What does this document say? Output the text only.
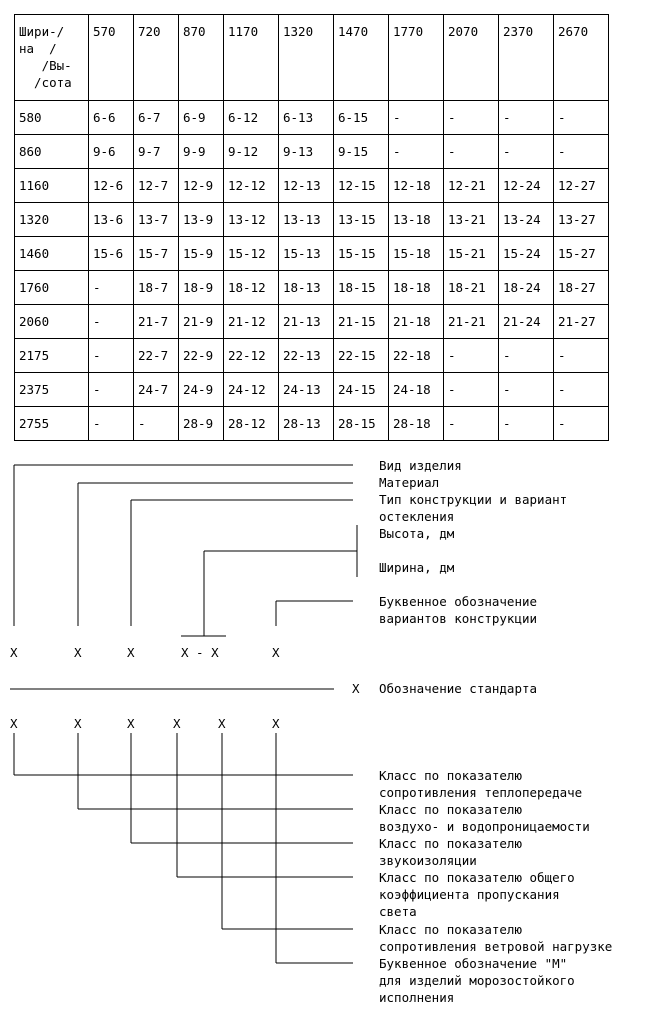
Шири-/
на  /
/Вы-
/сота	570	720	870	1170	1320	1470	1770	2070	2370	2670
580	6-6	6-7	6-9	6-12	6-13	6-15	-	-	-	-
860	9-6	9-7	9-9	9-12	9-13	9-15	-	-	-	-
1160	12-6	12-7	12-9	12-12	12-13	12-15	12-18	12-21	12-24	12-27
1320	13-6	13-7	13-9	13-12	13-13	13-15	13-18	13-21	13-24	13-27
1460	15-6	15-7	15-9	15-12	15-13	15-15	15-18	15-21	15-24	15-27
1760	-	18-7	18-9	18-12	18-13	18-15	18-18	18-21	18-24	18-27
2060	-	21-7	21-9	21-12	21-13	21-15	21-18	21-21	21-24	21-27
2175	-	22-7	22-9	22-12	22-13	22-15	22-18	-	-	-
2375	-	24-7	24-9	24-12	24-13	24-15	24-18	-	-	-
2755	-	-	28-9	28-12	28-13	28-15	28-18	-	-	-
Вид изделия
Материал
Тип конструкции и вариант
остекления
Высота, дм
Ширина, дм
Буквенное обозначение
вариантов конструкции
X	X	X	X - X	X
X Обозначение стандарта
X	X	X	X	X	X
Класс по показателю
сопротивления теплопередаче
Класс по показателю
воздухо- и водопроницаемости
Класс по показателю
звукоизоляции
Класс по показателю общего
коэффициента пропускания
света
Класс по показателю
сопротивления ветровой нагрузке
Буквенное обозначение "М"
для изделий морозостойкого
исполнения
